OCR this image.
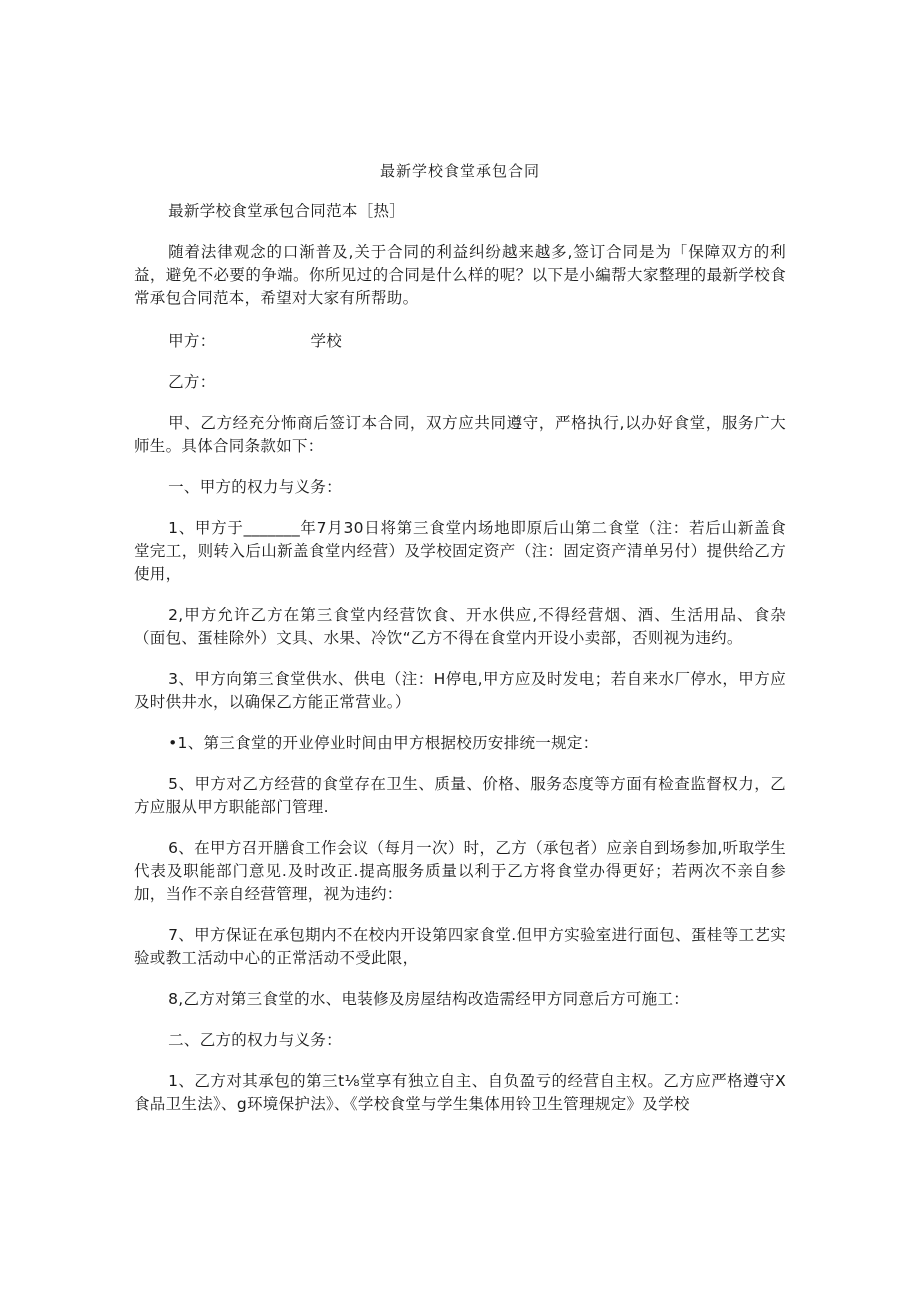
最新学校食堂承包合同

最新学校食堂承包合同范本［热］

随着法律观念的口渐普及,关于合同的利益纠纷越来越多,签订合同是为「保障双方的利益，避免不必要的争端。你所见过的合同是什么样的呢？以下是小編帮大家整理的最新学校食常承包合同范本，希望对大家有所帮助。

甲方：	学校
乙方：

甲、乙方经充分怖商后签订本合同，双方应共同遵守，严格执行,以办好食堂，服务广大师生。具体合同条款如下：

一、甲方的权力与义务：

1、甲方于_______年7月30日将第三食堂内场地即原后山第二食堂（注：若后山新盖食堂完工，则转入后山新盖食堂内经营）及学校固定资产（注：固定资产清单另付）提供给乙方使用，

2,甲方允许乙方在第三食堂内经营饮食、开水供应,不得经营烟、酒、生活用品、食杂（面包、蛋桂除外）文具、水果、冷饮“乙方不得在食堂内开设小卖部，否则视为违约。

3、甲方向第三食堂供水、供电（注：H停电,甲方应及时发电；若自来水厂停水，甲方应及时供井水，以确保乙方能正常营业。）

•1、第三食堂的开业停业时间由甲方根据校历安排统一规定：

5、甲方对乙方经营的食堂存在卫生、质量、价格、服务态度等方面有检查监督权力，乙方应服从甲方职能部门管理.

6、在甲方召开膳食工作会议（每月一次）时，乙方（承包者）应亲自到场参加,听取学生代表及职能部门意见.及时改正.提高服务质量以利于乙方将食堂办得更好；若两次不亲自参加，当作不亲自经营管理，视为违约：

7、甲方保证在承包期内不在校内开设第四家食堂.但甲方实验室进行面包、蛋桂等工艺实验或教工活动中心的正常活动不受此限，

8,乙方对第三食堂的水、电装修及房屋结构改造需经甲方同意后方可施工：

二、乙方的权力与义务：

1、乙方对其承包的第三t⅛堂享有独立自主、自负盈亏的经营自主权。乙方应严格遵守X食品卫生法》、g环境保护法》、《学校食堂与学生集体用铃卫生管理规定》及学校
